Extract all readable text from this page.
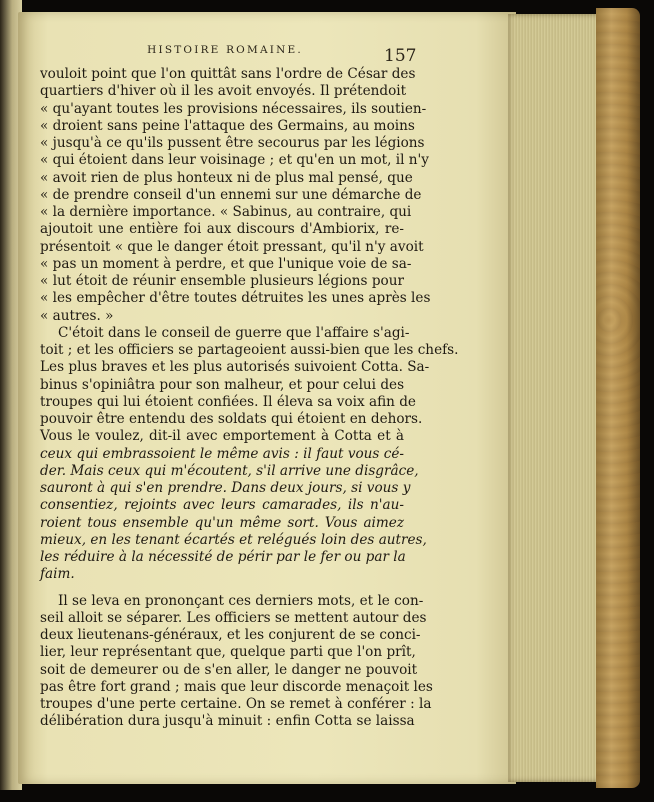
HISTOIRE ROMAINE.	157
vouloit point que l'on quittât sans l'ordre de César des
quartiers d'hiver où il les avoit envoyés. Il prétendoit
« qu'ayant toutes les provisions nécessaires, ils soutien-
« droient sans peine l'attaque des Germains, au moins
« jusqu'à ce qu'ils pussent être secourus par les légions
« qui étoient dans leur voisinage ; et qu'en un mot, il n'y
« avoit rien de plus honteux ni de plus mal pensé, que
« de prendre conseil d'un ennemi sur une démarche de
« la dernière importance. « Sabinus, au contraire, qui
ajoutoit une entière foi aux discours d'Ambiorix, re-
présentoit « que le danger étoit pressant, qu'il n'y avoit
« pas un moment à perdre, et que l'unique voie de sa-
« lut étoit de réunir ensemble plusieurs légions pour
« les empêcher d'être toutes détruites les unes après les
« autres. »
C'étoit dans le conseil de guerre que l'affaire s'agi-
toit ; et les officiers se partageoient aussi-bien que les chefs.
Les plus braves et les plus autorisés suivoient Cotta. Sa-
binus s'opiniâtra pour son malheur, et pour celui des
troupes qui lui étoient confiées. Il éleva sa voix afin de
pouvoir être entendu des soldats qui étoient en dehors.
Vous le voulez, dit-il avec emportement à Cotta et à
ceux qui embrassoient le même avis : il faut vous cé-
der. Mais ceux qui m'écoutent, s'il arrive une disgrâce,
sauront à qui s'en prendre. Dans deux jours, si vous y
consentiez, rejoints avec leurs camarades, ils n'au-
roient tous ensemble qu'un même sort. Vous aimez
mieux, en les tenant écartés et relégués loin des autres,
les réduire à la nécessité de périr par le fer ou par la
faim.
Il se leva en prononçant ces derniers mots, et le con-
seil alloit se séparer. Les officiers se mettent autour des
deux lieutenans-généraux, et les conjurent de se conci-
lier, leur représentant que, quelque parti que l'on prît,
soit de demeurer ou de s'en aller, le danger ne pouvoit
pas être fort grand ; mais que leur discorde menaçoit les
troupes d'une perte certaine. On se remet à conférer : la
délibération dura jusqu'à minuit : enfin Cotta se laissa
